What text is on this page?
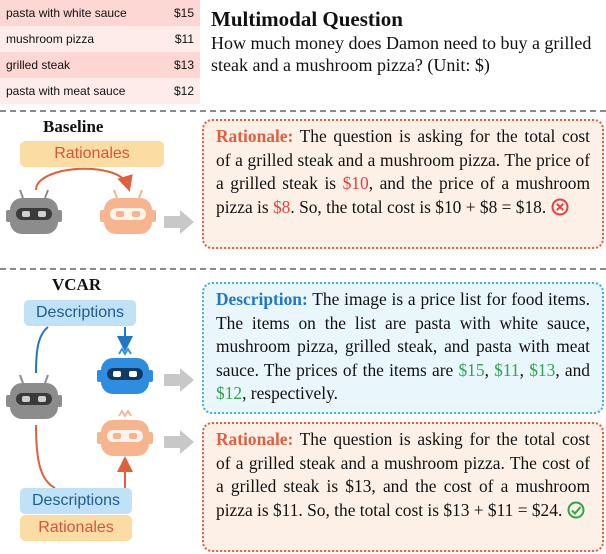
pasta with white sauce	$15
mushroom pizza	$11
grilled steak	$13
pasta with meat sauce	$12
Multimodal Question
How much money does Damon need to buy a grilled steak and a mushroom pizza? (Unit: $)
Baseline
Rationales
Rationale: The question is asking for the total cost of a grilled steak and a mushroom pizza. The price of a grilled steak is $10, and the price of a mushroom pizza is $8. So, the total cost is $10 + $8 = $18.
VCAR
Descriptions
Descriptions
Rationales
Description: The image is a price list for food items. The items on the list are pasta with white sauce, mushroom pizza, grilled steak, and pasta with meat sauce. The prices of the items are $15, $11, $13, and $12, respectively.
Rationale: The question is asking for the total cost of a grilled steak and a mushroom pizza. The cost of a grilled steak is $13, and the cost of a mushroom pizza is $11. So, the total cost is $13 + $11 = $24.
